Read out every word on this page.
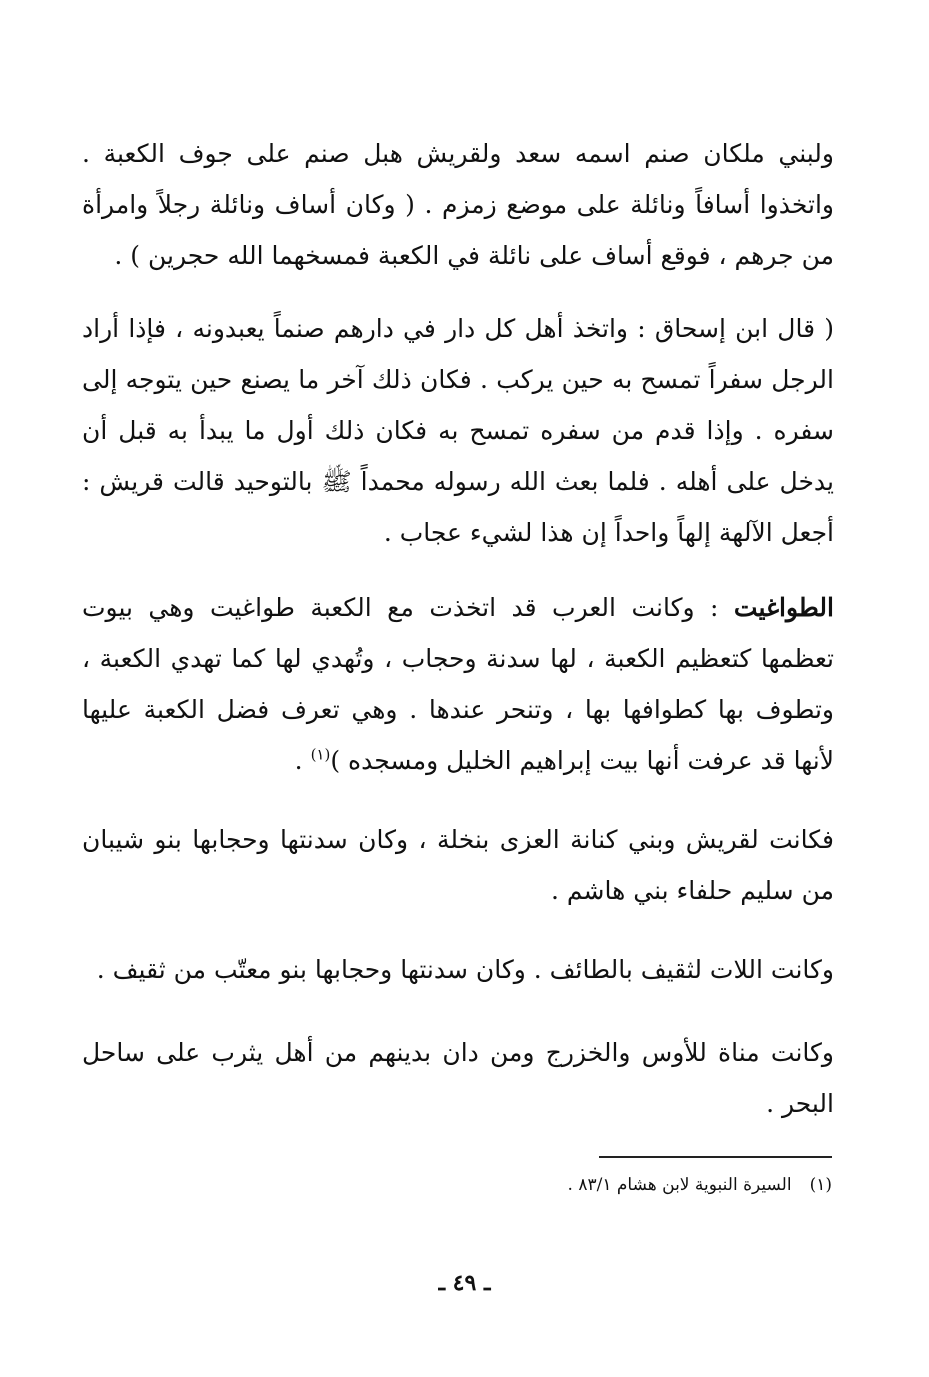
ولبني ملكان صنم اسمه سعد ولقريش هبل صنم على جوف الكعبة . واتخذوا أسافاً ونائلة على موضع زمزم . ( وكان أساف ونائلة رجلاً وامرأة من جرهم ، فوقع أساف على نائلة في الكعبة فمسخهما الله حجرين ) .

( قال ابن إسحاق : واتخذ أهل كل دار في دارهم صنماً يعبدونه ، فإذا أراد الرجل سفراً تمسح به حين يركب . فكان ذلك آخر ما يصنع حين يتوجه إلى سفره . وإذا قدم من سفره تمسح به فكان ذلك أول ما يبدأ به قبل أن يدخل على أهله . فلما بعث الله رسوله محمداً ﷺ بالتوحيد قالت قريش : أجعل الآلهة إلهاً واحداً إن هذا لشيء عجاب .

الطواغيت : وكانت العرب قد اتخذت مع الكعبة طواغيت وهي بيوت تعظمها كتعظيم الكعبة ، لها سدنة وحجاب ، وتُهدي لها كما تهدي الكعبة ، وتطوف بها كطوافها بها ، وتنحر عندها . وهي تعرف فضل الكعبة عليها لأنها قد عرفت أنها بيت إبراهيم الخليل ومسجده )$^{(١)}$ .

فكانت لقريش وبني كنانة العزى بنخلة ، وكان سدنتها وحجابها بنو شيبان من سليم حلفاء بني هاشم .

وكانت اللات لثقيف بالطائف . وكان سدنتها وحجابها بنو معتّب من ثقيف .

وكانت مناة للأوس والخزرج ومن دان بدينهم من أهل يثرب على ساحل البحر .

(١)السيرة النبوية لابن هشام ٨٣/١ .
ـ ٤٩ ـ
